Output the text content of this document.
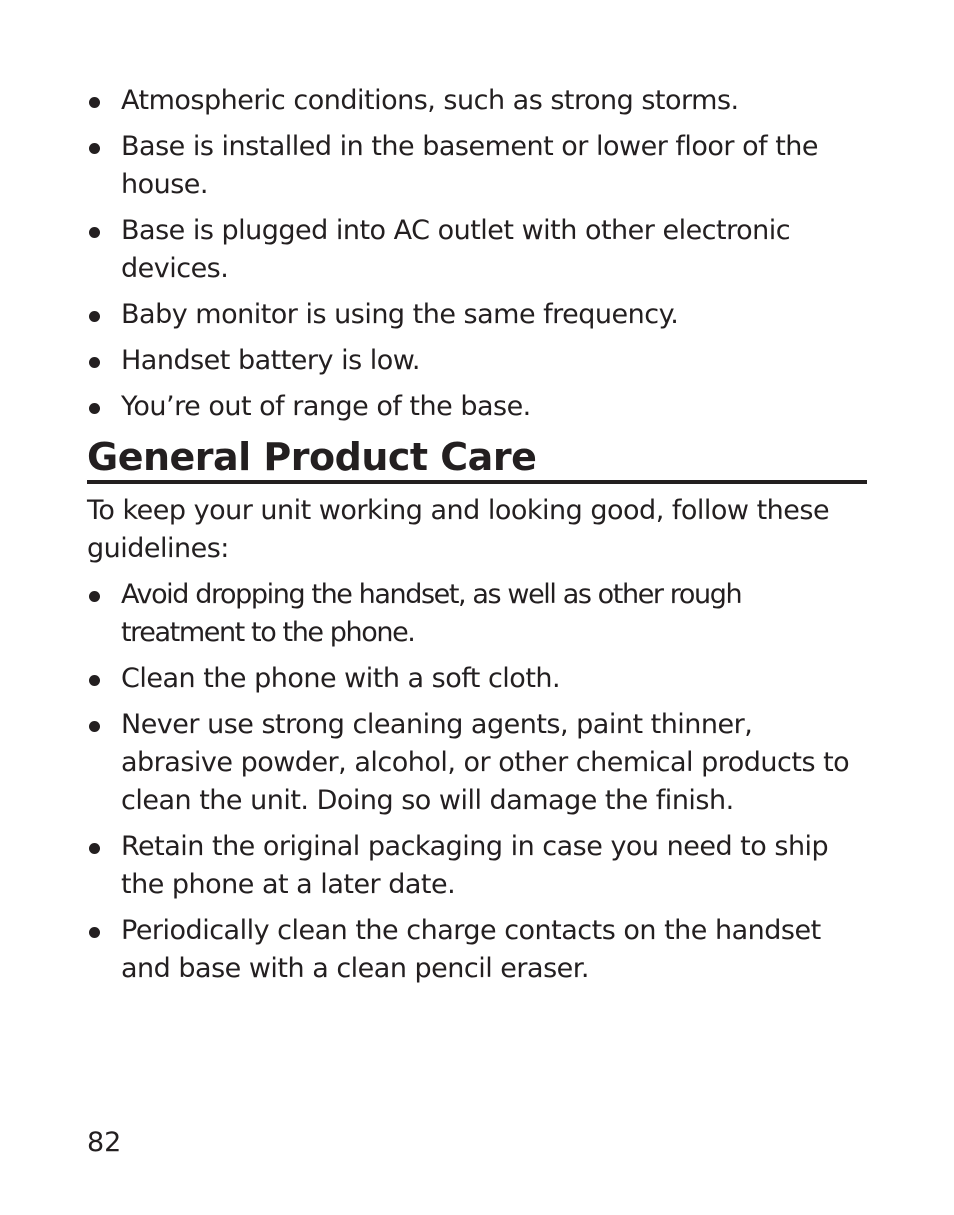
Atmospheric conditions, such as strong storms.
Base is installed in the basement or lower floor of the house.
Base is plugged into AC outlet with other electronic devices.
Baby monitor is using the same frequency.
Handset battery is low.
You’re out of range of the base.
General Product Care

To keep your unit working and looking good, follow these guidelines:

Avoid dropping the handset, as well as other rough treatment to the phone.
Clean the phone with a soft cloth.
Never use strong cleaning agents, paint thinner, abrasive powder, alcohol, or other chemical products to clean the unit. Doing so will damage the finish.
Retain the original packaging in case you need to ship the phone at a later date.
Periodically clean the charge contacts on the handset and base with a clean pencil eraser.
82
